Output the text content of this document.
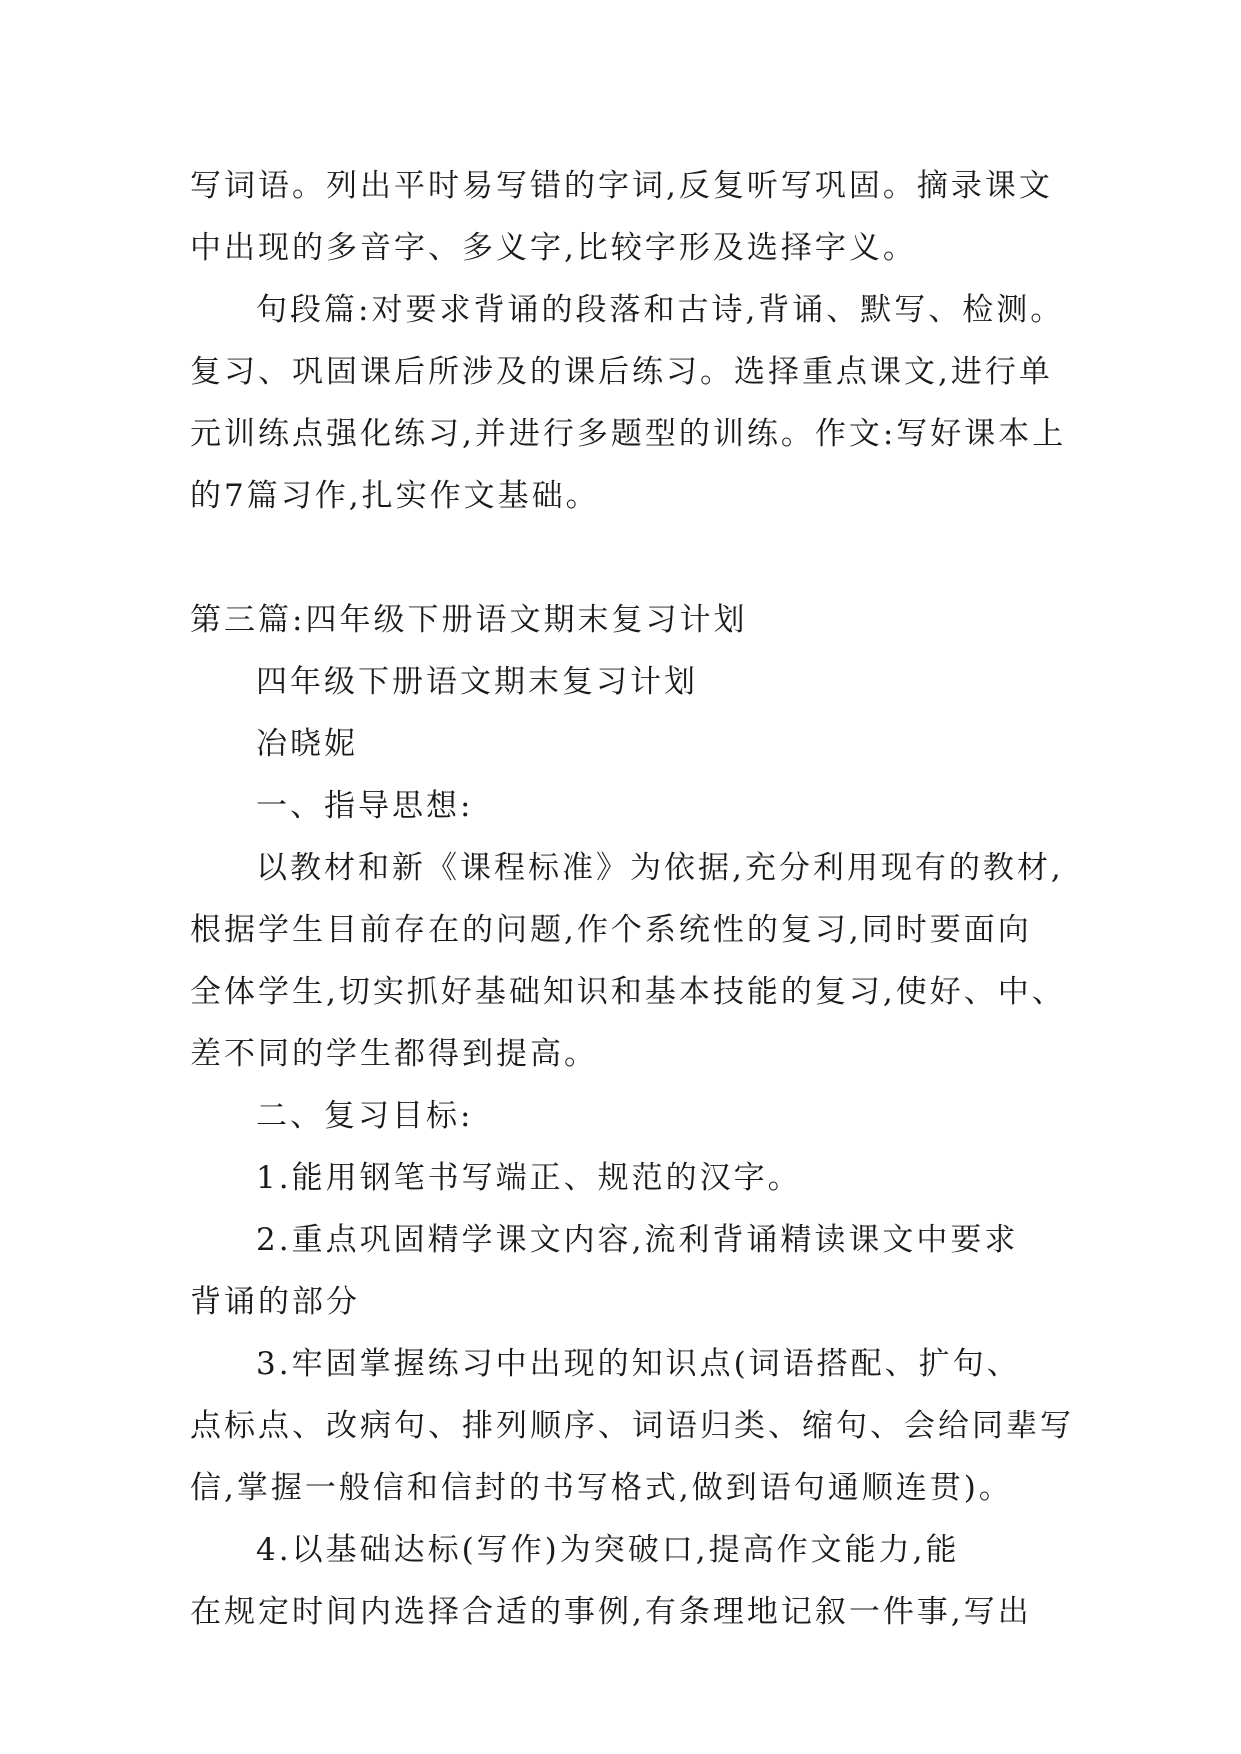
写词语。列出平时易写错的字词,反复听写巩固。摘录课文
中出现的多音字、多义字,比较字形及选择字义。
句段篇:对要求背诵的段落和古诗,背诵、默写、检测。
复习、巩固课后所涉及的课后练习。选择重点课文,进行单
元训练点强化练习,并进行多题型的训练。作文:写好课本上
的7篇习作,扎实作文基础。
第三篇:四年级下册语文期末复习计划
四年级下册语文期末复习计划
冶晓妮
一、指导思想:
以教材和新《课程标准》为依据,充分利用现有的教材,
根据学生目前存在的问题,作个系统性的复习,同时要面向
全体学生,切实抓好基础知识和基本技能的复习,使好、中、
差不同的学生都得到提高。
二、复习目标:
1.能用钢笔书写端正、规范的汉字。
2.重点巩固精学课文内容,流利背诵精读课文中要求
背诵的部分
3.牢固掌握练习中出现的知识点(词语搭配、扩句、
点标点、改病句、排列顺序、词语归类、缩句、会给同辈写
信,掌握一般信和信封的书写格式,做到语句通顺连贯)。
4.以基础达标(写作)为突破口,提高作文能力,能
在规定时间内选择合适的事例,有条理地记叙一件事,写出
